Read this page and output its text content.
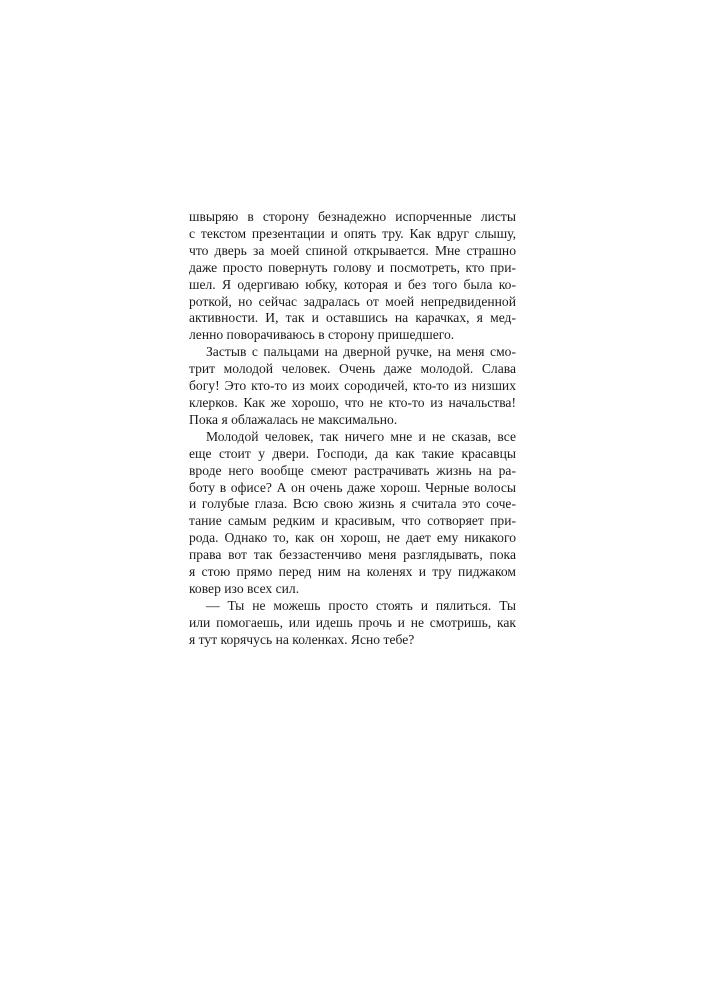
швыряю в сторону безнадежно испорченные листы
с текстом презентации и опять тру. Как вдруг слышу,
что дверь за моей спиной открывается. Мне страшно
даже просто повернуть голову и посмотреть, кто при-
шел. Я одергиваю юбку, которая и без того была ко-
роткой, но сейчас задралась от моей непредвиденной
активности. И, так и оставшись на карачках, я мед-
ленно поворачиваюсь в сторону пришедшего.
Застыв с пальцами на дверной ручке, на меня смо-
трит молодой человек. Очень даже молодой. Слава
богу! Это кто-то из моих сородичей, кто-то из низших
клерков. Как же хорошо, что не кто-то из начальства!
Пока я облажалась не максимально.
Молодой человек, так ничего мне и не сказав, все
еще стоит у двери. Господи, да как такие красавцы
вроде него вообще смеют растрачивать жизнь на ра-
боту в офисе? А он очень даже хорош. Черные волосы
и голубые глаза. Всю свою жизнь я считала это соче-
тание самым редким и красивым, что сотворяет при-
рода. Однако то, как он хорош, не дает ему никакого
права вот так беззастенчиво меня разглядывать, пока
я стою прямо перед ним на коленях и тру пиджаком
ковер изо всех сил.
— Ты не можешь просто стоять и пялиться. Ты
или помогаешь, или идешь прочь и не смотришь, как
я тут корячусь на коленках. Ясно тебе?
